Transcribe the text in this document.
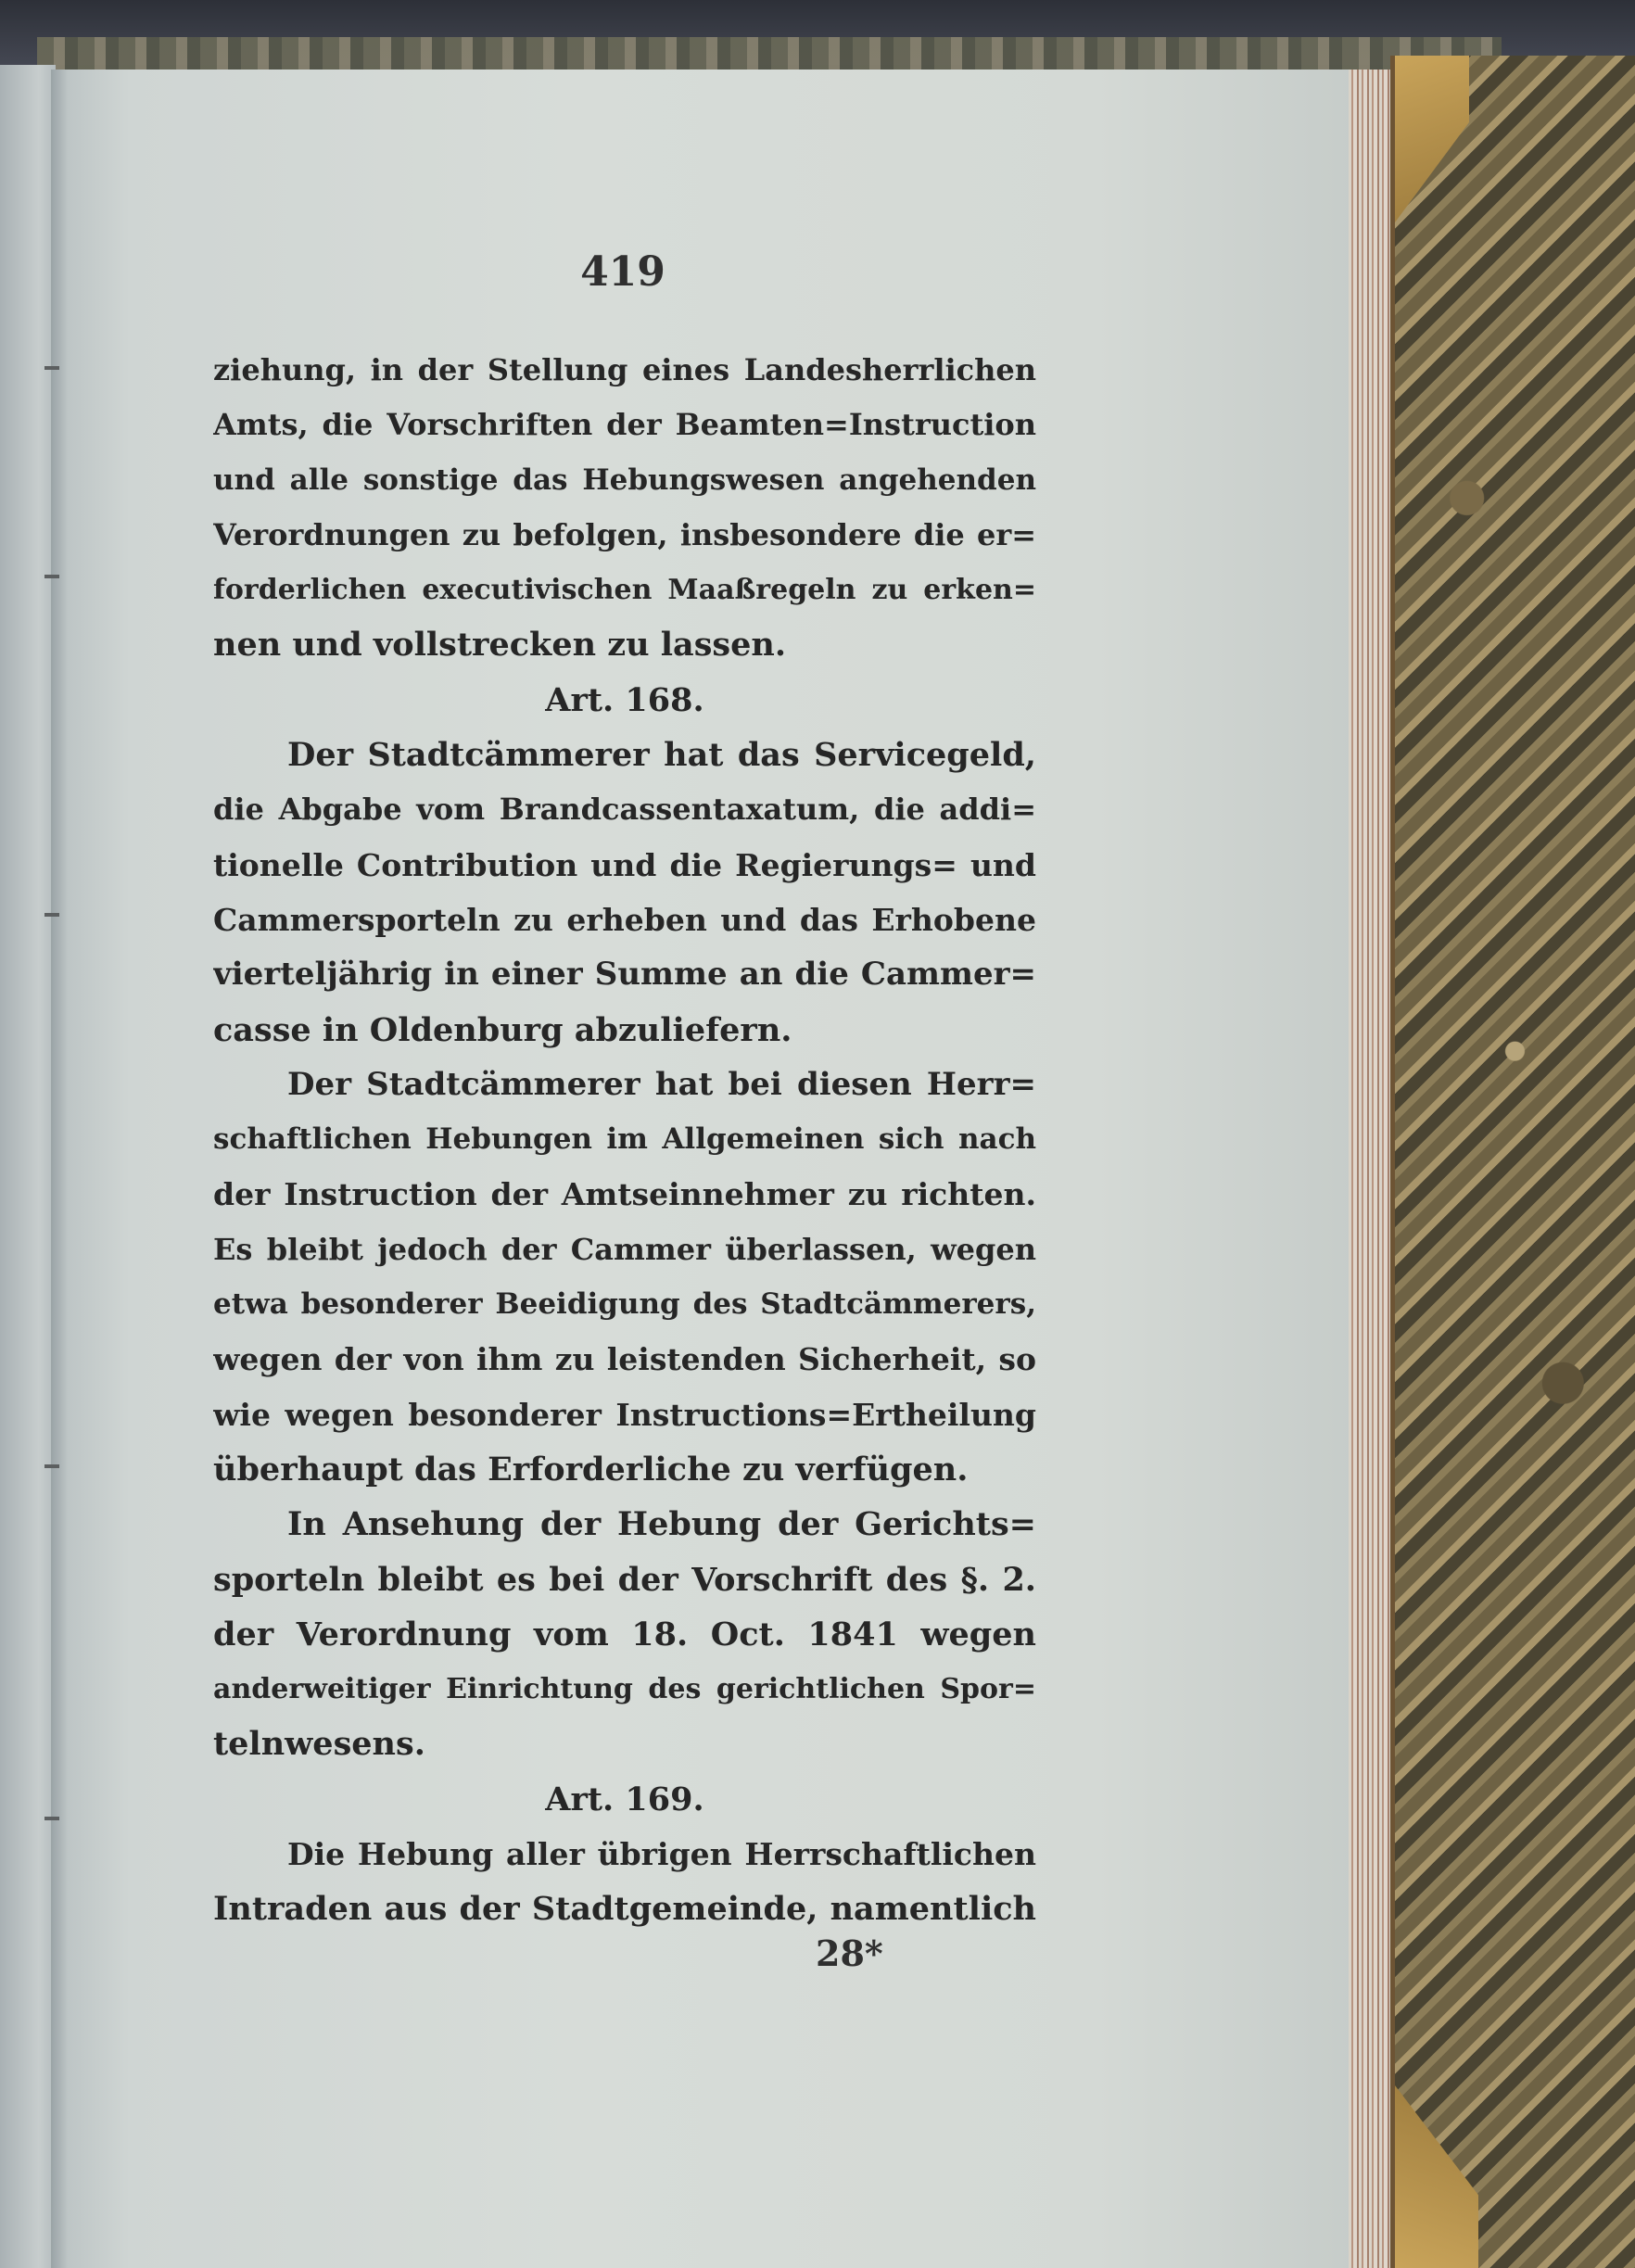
419
ziehung, in der Stellung eines Landesherrlichen
Amts, die Vorschriften der Beamten=Instruction
und alle sonstige das Hebungswesen angehenden
Verordnungen zu befolgen, insbesondere die er=
forderlichen executivischen Maaßregeln zu erken=
nen und vollstrecken zu lassen.
Art. 168.
Der Stadtcämmerer hat das Servicegeld,
die Abgabe vom Brandcassentaxatum, die addi=
tionelle Contribution und die Regierungs= und
Cammersporteln zu erheben und das Erhobene
vierteljährig in einer Summe an die Cammer=
casse in Oldenburg abzuliefern.
Der Stadtcämmerer hat bei diesen Herr=
schaftlichen Hebungen im Allgemeinen sich nach
der Instruction der Amtseinnehmer zu richten.
Es bleibt jedoch der Cammer überlassen, wegen
etwa besonderer Beeidigung des Stadtcämmerers,
wegen der von ihm zu leistenden Sicherheit, so
wie wegen besonderer Instructions=Ertheilung
überhaupt das Erforderliche zu verfügen.
In Ansehung der Hebung der Gerichts=
sporteln bleibt es bei der Vorschrift des §. 2.
der Verordnung vom 18. Oct. 1841 wegen
anderweitiger Einrichtung des gerichtlichen Spor=
telnwesens.
Art. 169.
Die Hebung aller übrigen Herrschaftlichen
Intraden aus der Stadtgemeinde, namentlich
28*
